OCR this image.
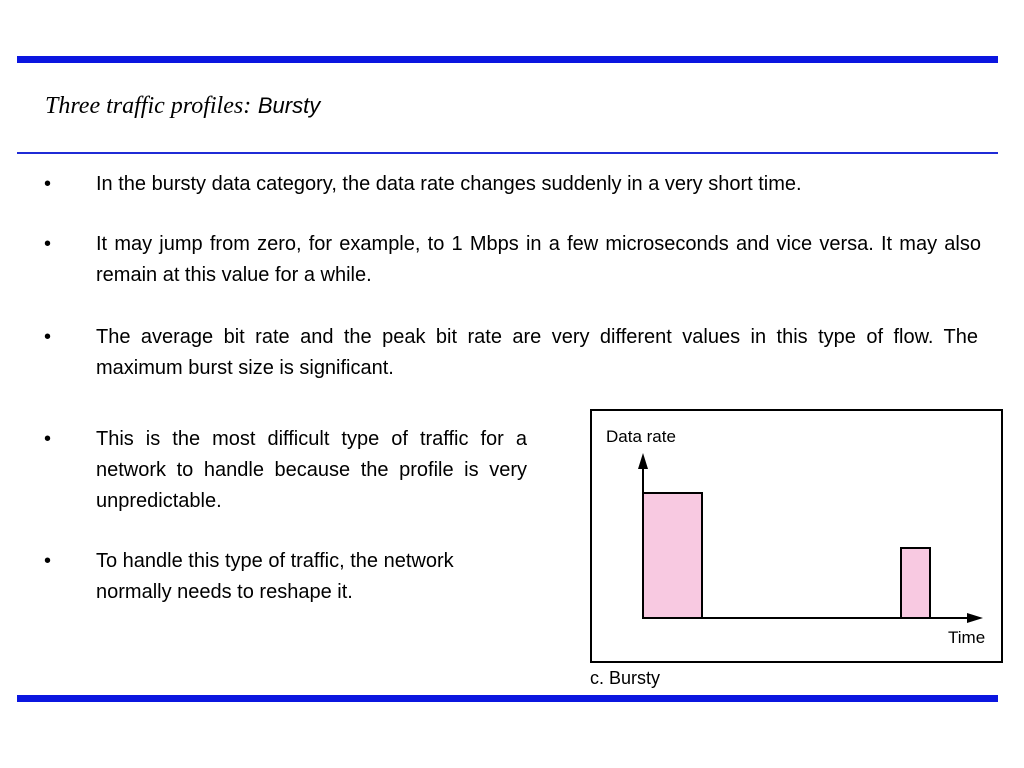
Three traffic profiles: Bursty
• In the bursty data category, the data rate changes suddenly in a very short time.
• It may jump from zero, for example, to 1 Mbps in a few microseconds and vice versa. It may also remain at this value for a while.
• The average bit rate and the peak bit rate are very different values in this type of flow. The maximum burst size is significant.
• This is the most difficult type of traffic for a network to handle because the profile is very unpredictable.
• To handle this type of traffic, the network normally needs to reshape it.
Data rate
Time
c. Bursty
